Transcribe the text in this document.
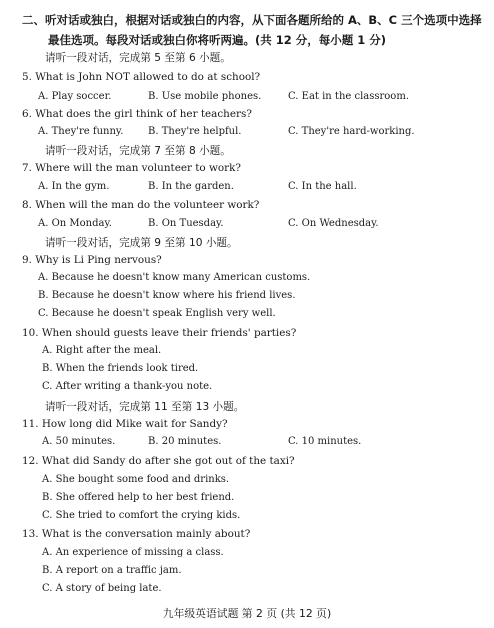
二、听对话或独白，根据对话或独白的内容，从下面各题所给的 A、B、C 三个选项中选择
最佳选项。每段对话或独白你将听两遍。(共 12 分，每小题 1 分)
请听一段对话，完成第 5 至第 6 小题。
5. What is John NOT allowed to do at school?
A. Play soccer.	B. Use mobile phones.	C. Eat in the classroom.
6. What does the girl think of her teachers?
A. They're funny. B. They're helpful.	C. They're hard-working.
请听一段对话，完成第 7 至第 8 小题。
7. Where will the man volunteer to work?
A. In the gym.	B. In the garden.	C. In the hall.
8. When will the man do the volunteer work?
A. On Monday.	B. On Tuesday.	C. On Wednesday.
请听一段对话，完成第 9 至第 10 小题。
9. Why is Li Ping nervous?
A. Because he doesn't know many American customs.
B. Because he doesn't know where his friend lives.
C. Because he doesn't speak English very well.
10. When should guests leave their friends' parties?
A. Right after the meal.
B. When the friends look tired.
C. After writing a thank-you note.
请听一段对话，完成第 11 至第 13 小题。
11. How long did Mike wait for Sandy?
A. 50 minutes.	B. 20 minutes.	C. 10 minutes.
12. What did Sandy do after she got out of the taxi?
A. She bought some food and drinks.
B. She offered help to her best friend.
C. She tried to comfort the crying kids.
13. What is the conversation mainly about?
A. An experience of missing a class.
B. A report on a traffic jam.
C. A story of being late.
九年级英语试题 第 2 页 (共 12 页)
